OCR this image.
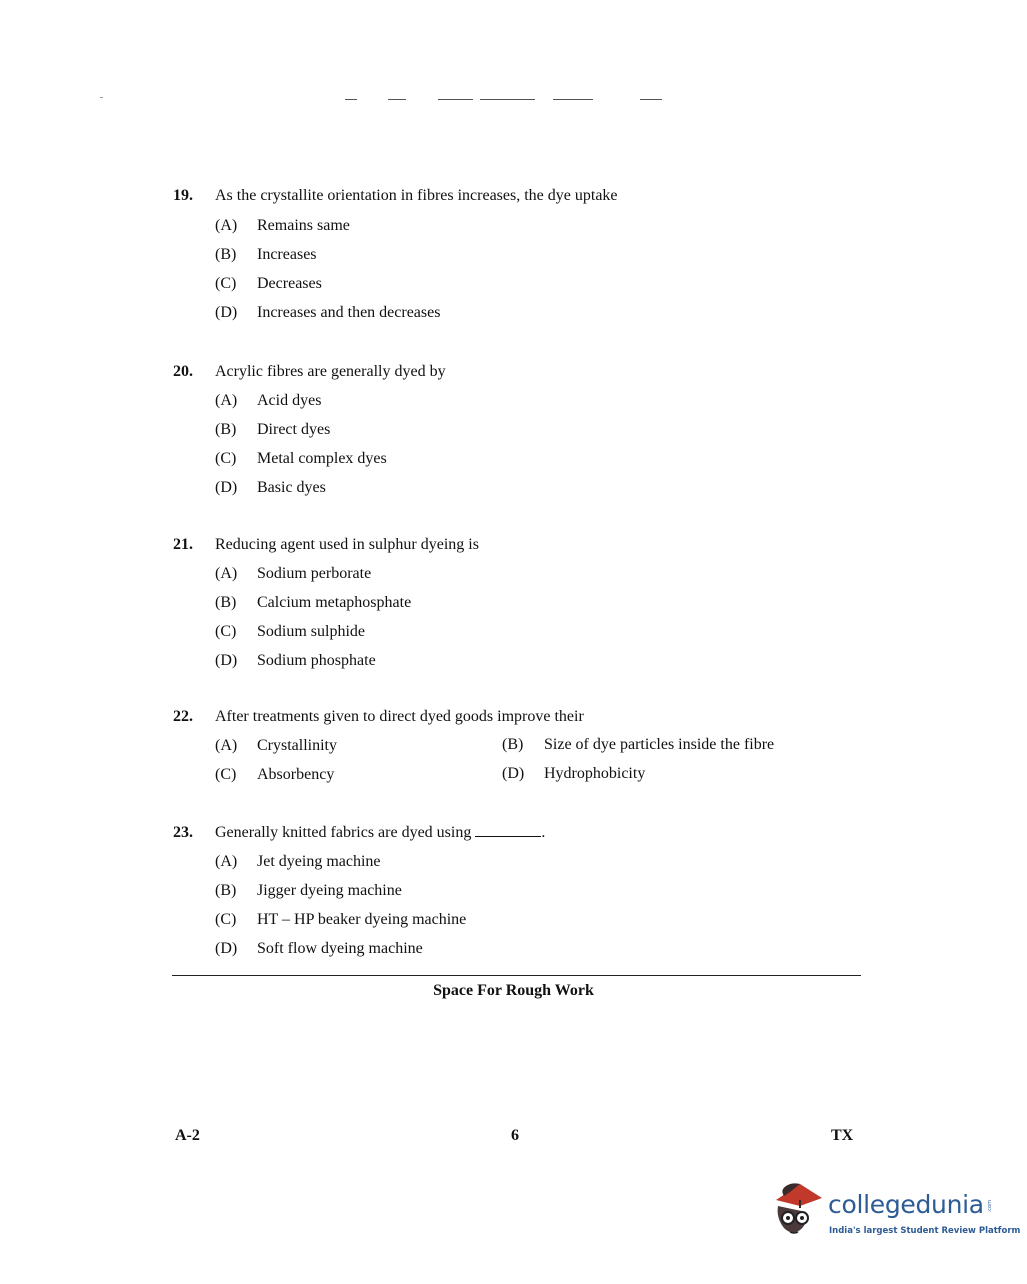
19. As the crystallite orientation in fibres increases, the dye uptake
(A) Remains same
(B) Increases
(C) Decreases
(D) Increases and then decreases
20. Acrylic fibres are generally dyed by
(A) Acid dyes
(B) Direct dyes
(C) Metal complex dyes
(D) Basic dyes
21. Reducing agent used in sulphur dyeing is
(A) Sodium perborate
(B) Calcium metaphosphate
(C) Sodium sulphide
(D) Sodium phosphate
22. After treatments given to direct dyed goods improve their
(A) Crystallinity	(B) Size of dye particles inside the fibre
(C) Absorbency	(D) Hydrophobicity
23. Generally knitted fabrics are dyed using	.
(A) Jet dyeing machine
(B) Jigger dyeing machine
(C) HT – HP beaker dyeing machine
(D) Soft flow dyeing machine
Space For Rough Work
A-2	6	TX
collegedunia .com
India's largest Student Review Platform
